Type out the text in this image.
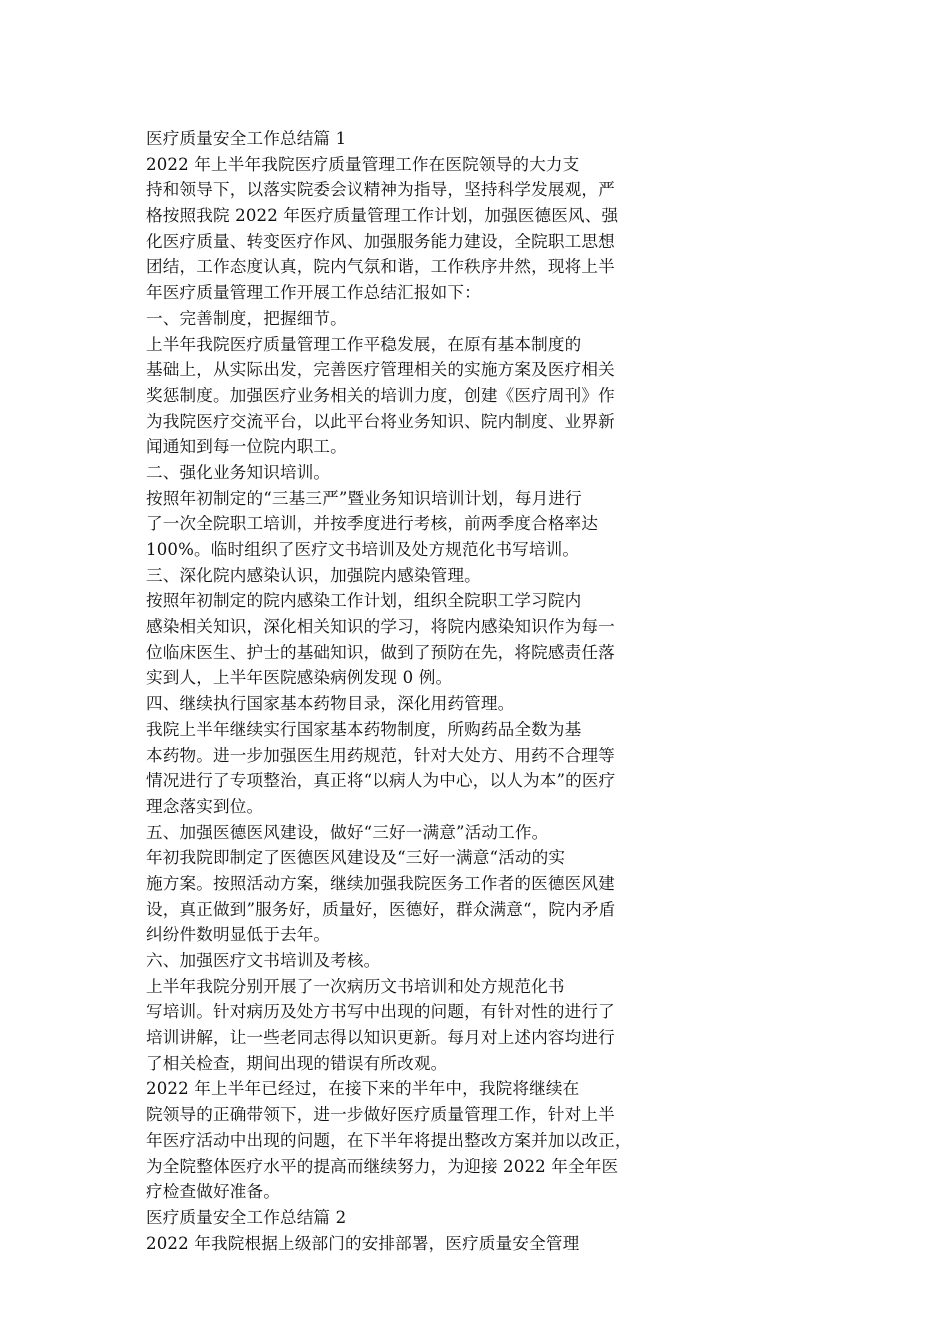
医疗质量安全工作总结篇 1
2022 年上半年我院医疗质量管理工作在医院领导的大力支
持和领导下，以落实院委会议精神为指导，坚持科学发展观，严
格按照我院 2022 年医疗质量管理工作计划，加强医德医风、强
化医疗质量、转变医疗作风、加强服务能力建设，全院职工思想
团结，工作态度认真，院内气氛和谐，工作秩序井然，现将上半
年医疗质量管理工作开展工作总结汇报如下：
一、完善制度，把握细节。
上半年我院医疗质量管理工作平稳发展，在原有基本制度的
基础上，从实际出发，完善医疗管理相关的实施方案及医疗相关
奖惩制度。加强医疗业务相关的培训力度，创建《医疗周刊》作
为我院医疗交流平台，以此平台将业务知识、院内制度、业界新
闻通知到每一位院内职工。
二、强化业务知识培训。
按照年初制定的“三基三严”暨业务知识培训计划，每月进行
了一次全院职工培训，并按季度进行考核，前两季度合格率达
100%。临时组织了医疗文书培训及处方规范化书写培训。
三、深化院内感染认识，加强院内感染管理。
按照年初制定的院内感染工作计划，组织全院职工学习院内
感染相关知识，深化相关知识的学习，将院内感染知识作为每一
位临床医生、护士的基础知识，做到了预防在先，将院感责任落
实到人，上半年医院感染病例发现 0 例。
四、继续执行国家基本药物目录，深化用药管理。
我院上半年继续实行国家基本药物制度，所购药品全数为基
本药物。进一步加强医生用药规范，针对大处方、用药不合理等
情况进行了专项整治，真正将“以病人为中心，以人为本”的医疗
理念落实到位。
五、加强医德医风建设，做好“三好一满意”活动工作。
年初我院即制定了医德医风建设及“三好一满意“活动的实
施方案。按照活动方案，继续加强我院医务工作者的医德医风建
设，真正做到”服务好，质量好，医德好，群众满意“，院内矛盾
纠纷件数明显低于去年。
六、加强医疗文书培训及考核。
上半年我院分别开展了一次病历文书培训和处方规范化书
写培训。针对病历及处方书写中出现的问题，有针对性的进行了
培训讲解，让一些老同志得以知识更新。每月对上述内容均进行
了相关检查，期间出现的错误有所改观。
2022 年上半年已经过，在接下来的半年中，我院将继续在
院领导的正确带领下，进一步做好医疗质量管理工作，针对上半
年医疗活动中出现的问题，在下半年将提出整改方案并加以改正，
为全院整体医疗水平的提高而继续努力，为迎接 2022 年全年医
疗检查做好准备。
医疗质量安全工作总结篇 2
2022 年我院根据上级部门的安排部署，医疗质量安全管理
